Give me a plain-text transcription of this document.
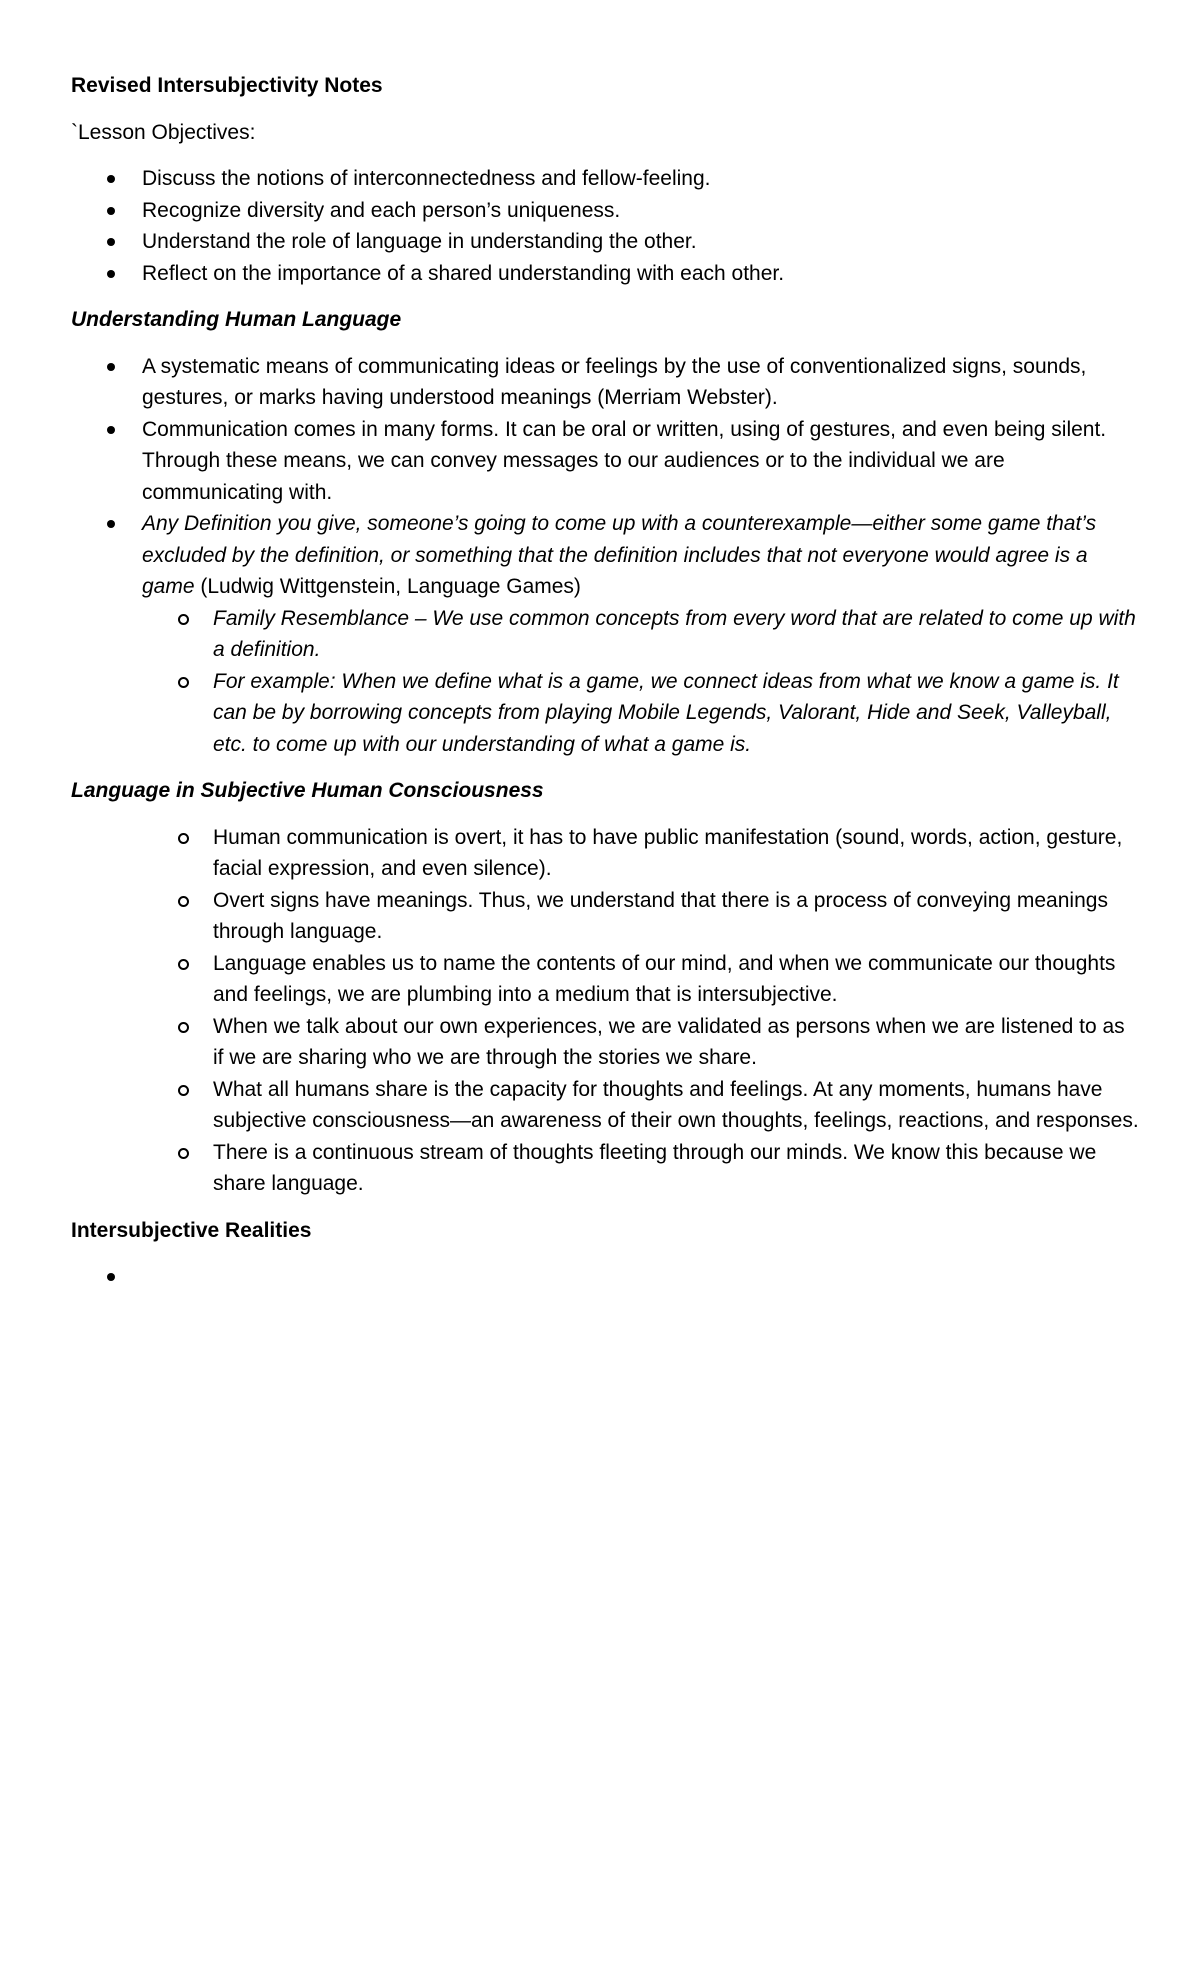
Revised Intersubjectivity Notes

`Lesson Objectives:

Discuss the notions of interconnectedness and fellow-feeling.
Recognize diversity and each person’s uniqueness.
Understand the role of language in understanding the other.
Reflect on the importance of a shared understanding with each other.

Understanding Human Language

A systematic means of communicating ideas or feelings by the use of conventionalized signs, sounds, gestures, or marks having understood meanings (Merriam Webster).
Communication comes in many forms. It can be oral or written, using of gestures, and even being silent. Through these means, we can convey messages to our audiences or to the individual we are communicating with.
Any Definition you give, someone’s going to come up with a counterexample—either some game that’s excluded by the definition, or something that the definition includes that not everyone would agree is a game (Ludwig Wittgenstein, Language Games)
Family Resemblance – We use common concepts from every word that are related to come up with a definition.
For example: When we define what is a game, we connect ideas from what we know a game is. It can be by borrowing concepts from playing Mobile Legends, Valorant, Hide and Seek, Valleyball, etc. to come up with our understanding of what a game is.

Language in Subjective Human Consciousness

Human communication is overt, it has to have public manifestation (sound, words, action, gesture, facial expression, and even silence).
Overt signs have meanings. Thus, we understand that there is a process of conveying meanings through language.
Language enables us to name the contents of our mind, and when we communicate our thoughts and feelings, we are plumbing into a medium that is intersubjective.
When we talk about our own experiences, we are validated as persons when we are listened to as if we are sharing who we are through the stories we share.
What all humans share is the capacity for thoughts and feelings. At any moments, humans have subjective consciousness—an awareness of their own thoughts, feelings, reactions, and responses.
There is a continuous stream of thoughts fleeting through our minds. We know this because we share language.

Intersubjective Realities
